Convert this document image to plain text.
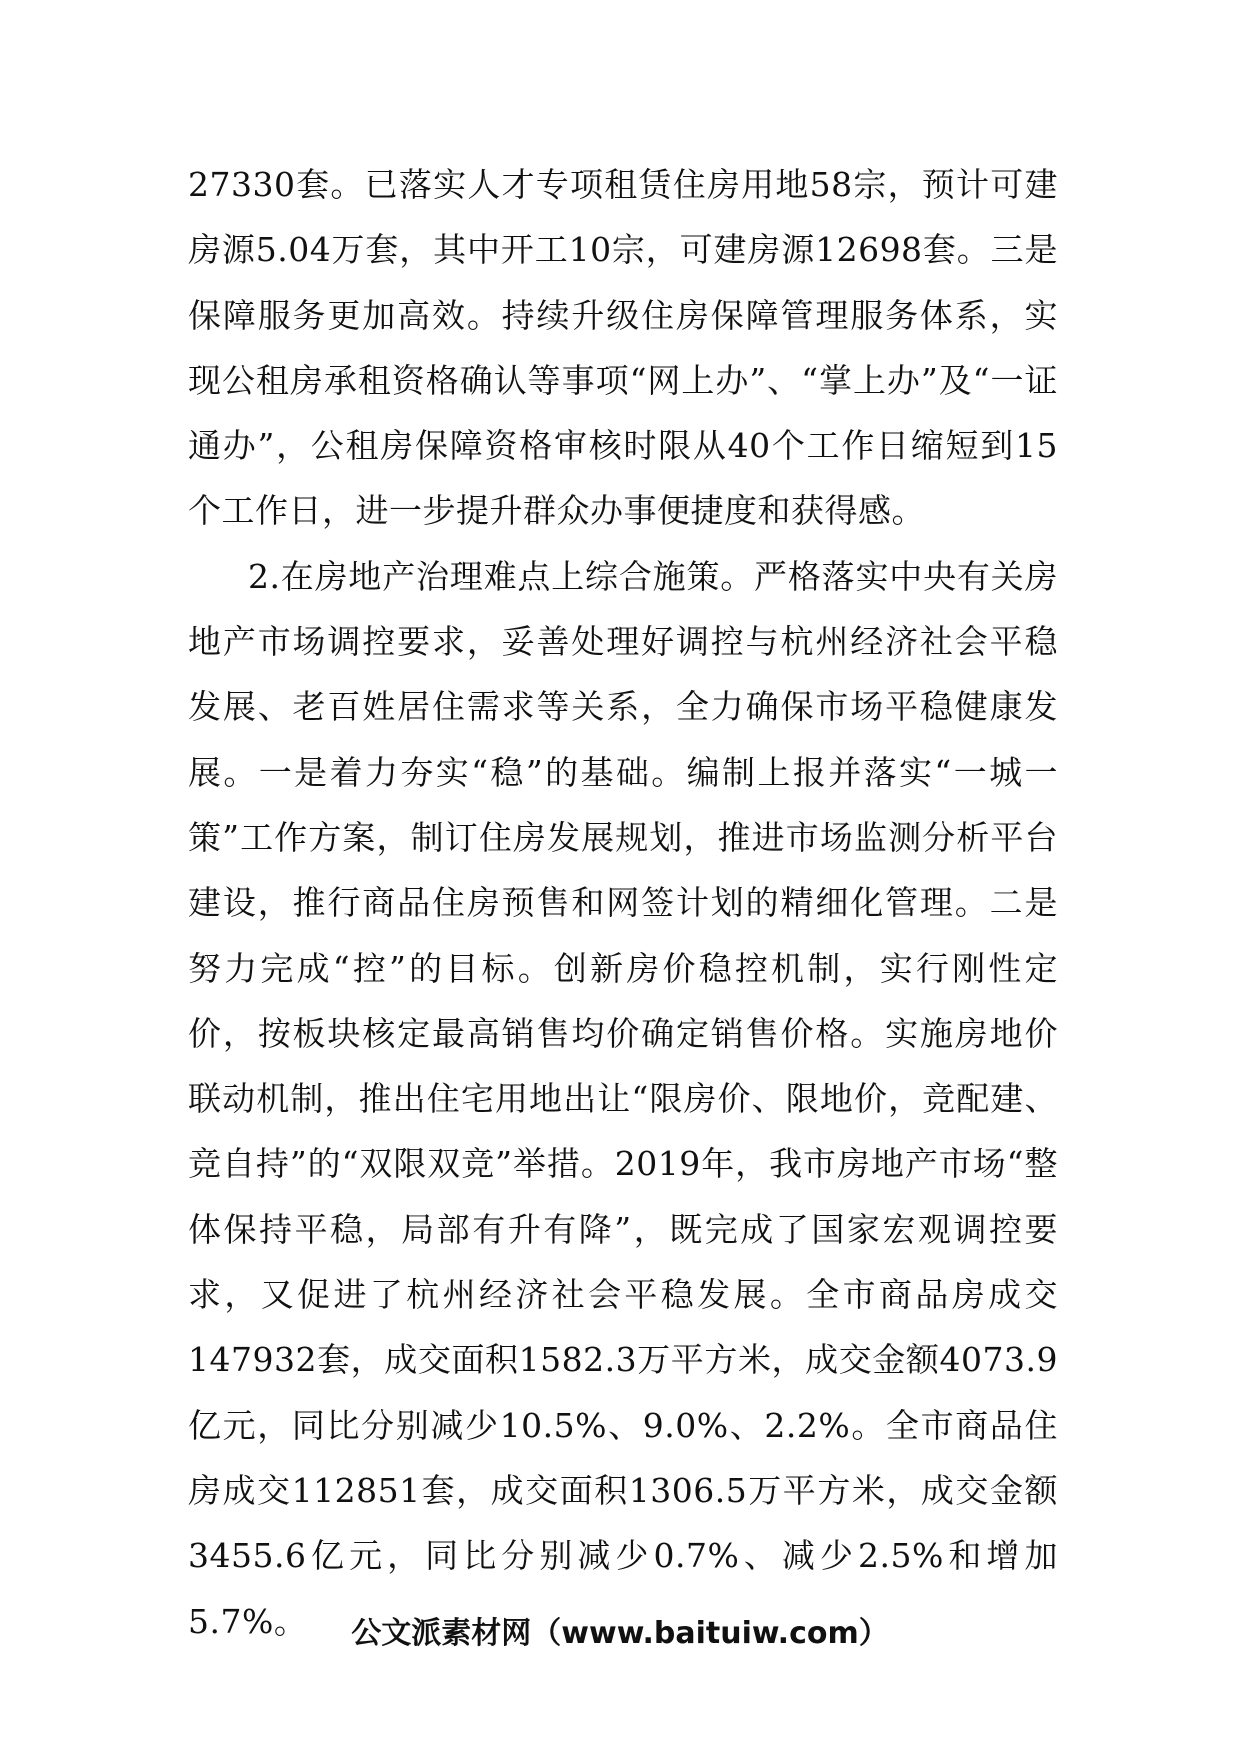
27330套。已落实人才专项租赁住房用地58宗，预计可建房源5.04万套，其中开工10宗，可建房源12698套。三是保障服务更加高效。持续升级住房保障管理服务体系，实现公租房承租资格确认等事项“网上办”、“掌上办”及“一证通办”，公租房保障资格审核时限从40个工作日缩短到15个工作日，进一步提升群众办事便捷度和获得感。

2.在房地产治理难点上综合施策。严格落实中央有关房地产市场调控要求，妥善处理好调控与杭州经济社会平稳发展、老百姓居住需求等关系，全力确保市场平稳健康发展。一是着力夯实“稳”的基础。编制上报并落实“一城一策”工作方案，制订住房发展规划，推进市场监测分析平台建设，推行商品住房预售和网签计划的精细化管理。二是努力完成“控”的目标。创新房价稳控机制，实行刚性定价，按板块核定最高销售均价确定销售价格。实施房地价联动机制，推出住宅用地出让“限房价、限地价，竞配建、竞自持”的“双限双竞”举措。2019年，我市房地产市场“整体保持平稳，局部有升有降”，既完成了国家宏观调控要求，又促进了杭州经济社会平稳发展。全市商品房成交147932套，成交面积1582.3万平方米，成交金额4073.9亿元，同比分别减少10.5%、9.0%、2.2%。全市商品住房成交112851套，成交面积1306.5万平方米，成交金额3455.6亿元，同比分别减少0.7%、减少2.5%和增加5.7%。	公文派素材网（www.baituiw.com）
